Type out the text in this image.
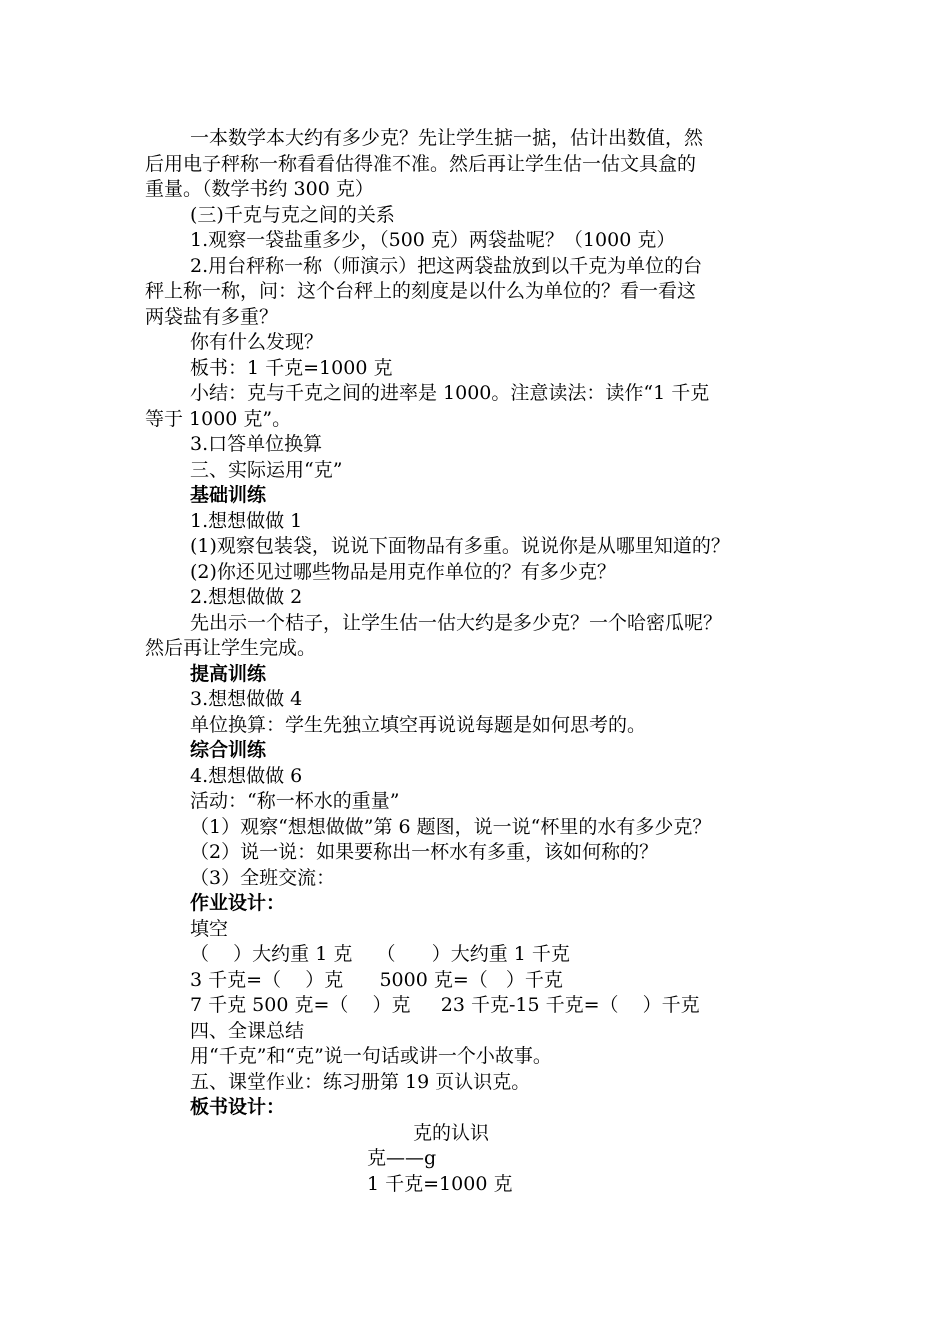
一本数学本大约有多少克？先让学生掂一掂，估计出数值，然
后用电子秤称一称看看估得准不准。然后再让学生估一估文具盒的
重量。（数学书约 300 克）
(三)千克与克之间的关系
1.观察一袋盐重多少，（500 克）两袋盐呢？（1000 克）
2.用台秤称一称（师演示）把这两袋盐放到以千克为单位的台
秤上称一称，问：这个台秤上的刻度是以什么为单位的？看一看这
两袋盐有多重？
你有什么发现？
板书：1 千克=1000 克
小结：克与千克之间的进率是 1000。注意读法：读作“1 千克
等于 1000 克”。
3.口答单位换算
三、实际运用“克”
基础训练
1.想想做做 1
(1)观察包装袋，说说下面物品有多重。说说你是从哪里知道的？
(2)你还见过哪些物品是用克作单位的？有多少克？
2.想想做做 2
先出示一个桔子，让学生估一估大约是多少克？一个哈密瓜呢？
然后再让学生完成。
提高训练
3.想想做做 4
单位换算：学生先独立填空再说说每题是如何思考的。
综合训练
4.想想做做 6
活动：“称一杯水的重量”
（1）观察“想想做做”第 6 题图，说一说“杯里的水有多少克？
（2）说一说：如果要称出一杯水有多重，该如何称的？
（3）全班交流：
作业设计：
填空
（    ）大约重 1 克    （      ）大约重 1 千克
3 千克=（    ）克      5000 克=（   ）千克
7 千克 500 克=（    ）克     23 千克-15 千克=（    ）千克
四、全课总结
用“千克”和“克”说一句话或讲一个小故事。
五、课堂作业：练习册第 19 页认识克。
板书设计：
克的认识
克——g
1 千克=1000 克
